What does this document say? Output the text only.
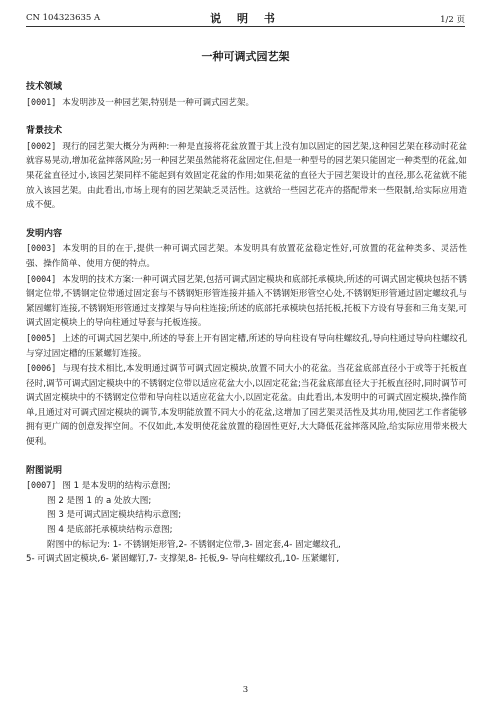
CN 104323635 A	说 明 书	1/2 页
一种可调式园艺架

技术领域

[0001] 本发明涉及一种园艺架,特别是一种可调式园艺架。

背景技术

[0002] 现行的园艺架大概分为两种:一种是直接将花盆放置于其上没有加以固定的园艺架,这种园艺架在移动时花盆就容易晃动,增加花盆摔落风险;另一种园艺架虽然能将花盆固定住,但是一种型号的园艺架只能固定一种类型的花盆,如果花盆直径过小,该园艺架同样不能起到有效固定花盆的作用;如果花盆的直径大于园艺架设计的直径,那么花盆就不能放入该园艺架。由此看出,市场上现有的园艺架缺乏灵活性。这就给一些园艺花卉的搭配带来一些限制,给实际应用造成不便。

发明内容

[0003] 本发明的目的在于,提供一种可调式园艺架。本发明具有放置花盆稳定性好,可放置的花盆种类多、灵活性强、操作简单、使用方便的特点。

[0004] 本发明的技术方案:一种可调式园艺架,包括可调式固定模块和底部托承模块,所述的可调式固定模块包括不锈钢定位带,不锈钢定位带通过固定套与不锈钢矩形管连接并插入不锈钢矩形管空心处,不锈钢矩形管通过固定螺纹孔与紧固螺钉连接,不锈钢矩形管通过支撑架与导向柱连接;所述的底部托承模块包括托板,托板下方设有导套和三角支架,可调式固定模块上的导向柱通过导套与托板连接。

[0005] 上述的可调式园艺架中,所述的导套上开有固定槽,所述的导向柱设有导向柱螺纹孔,导向柱通过导向柱螺纹孔与穿过固定槽的压紧螺钉连接。

[0006] 与现有技术相比,本发明通过调节可调式固定模块,放置不同大小的花盆。当花盆底部直径小于或等于托板直径时,调节可调式固定模块中的不锈钢定位带以适应花盆大小,以固定花盆;当花盆底部直径大于托板直径时,同时调节可调式固定模块中的不锈钢定位带和导向柱以适应花盆大小,以固定花盆。由此看出,本发明中的可调式固定模块,操作简单,且通过对可调式固定模块的调节,本发明能放置不同大小的花盆,这增加了园艺架灵活性及其功用,使园艺工作者能够拥有更广阔的创意发挥空间。不仅如此,本发明使花盆放置的稳固性更好,大大降低花盆摔落风险,给实际应用带来极大便利。

附图说明

[0007] 图 1 是本发明的结构示意图;

图 2 是图 1 的 a 处放大图;

图 3 是可调式固定模块结构示意图;

图 4 是底部托承模块结构示意图;

附图中的标记为: 1- 不锈钢矩形管,2- 不锈钢定位带,3- 固定套,4- 固定螺纹孔,

5- 可调式固定模块,6- 紧固螺钉,7- 支撑架,8- 托板,9- 导向柱螺纹孔,10- 压紧螺钉,

3
